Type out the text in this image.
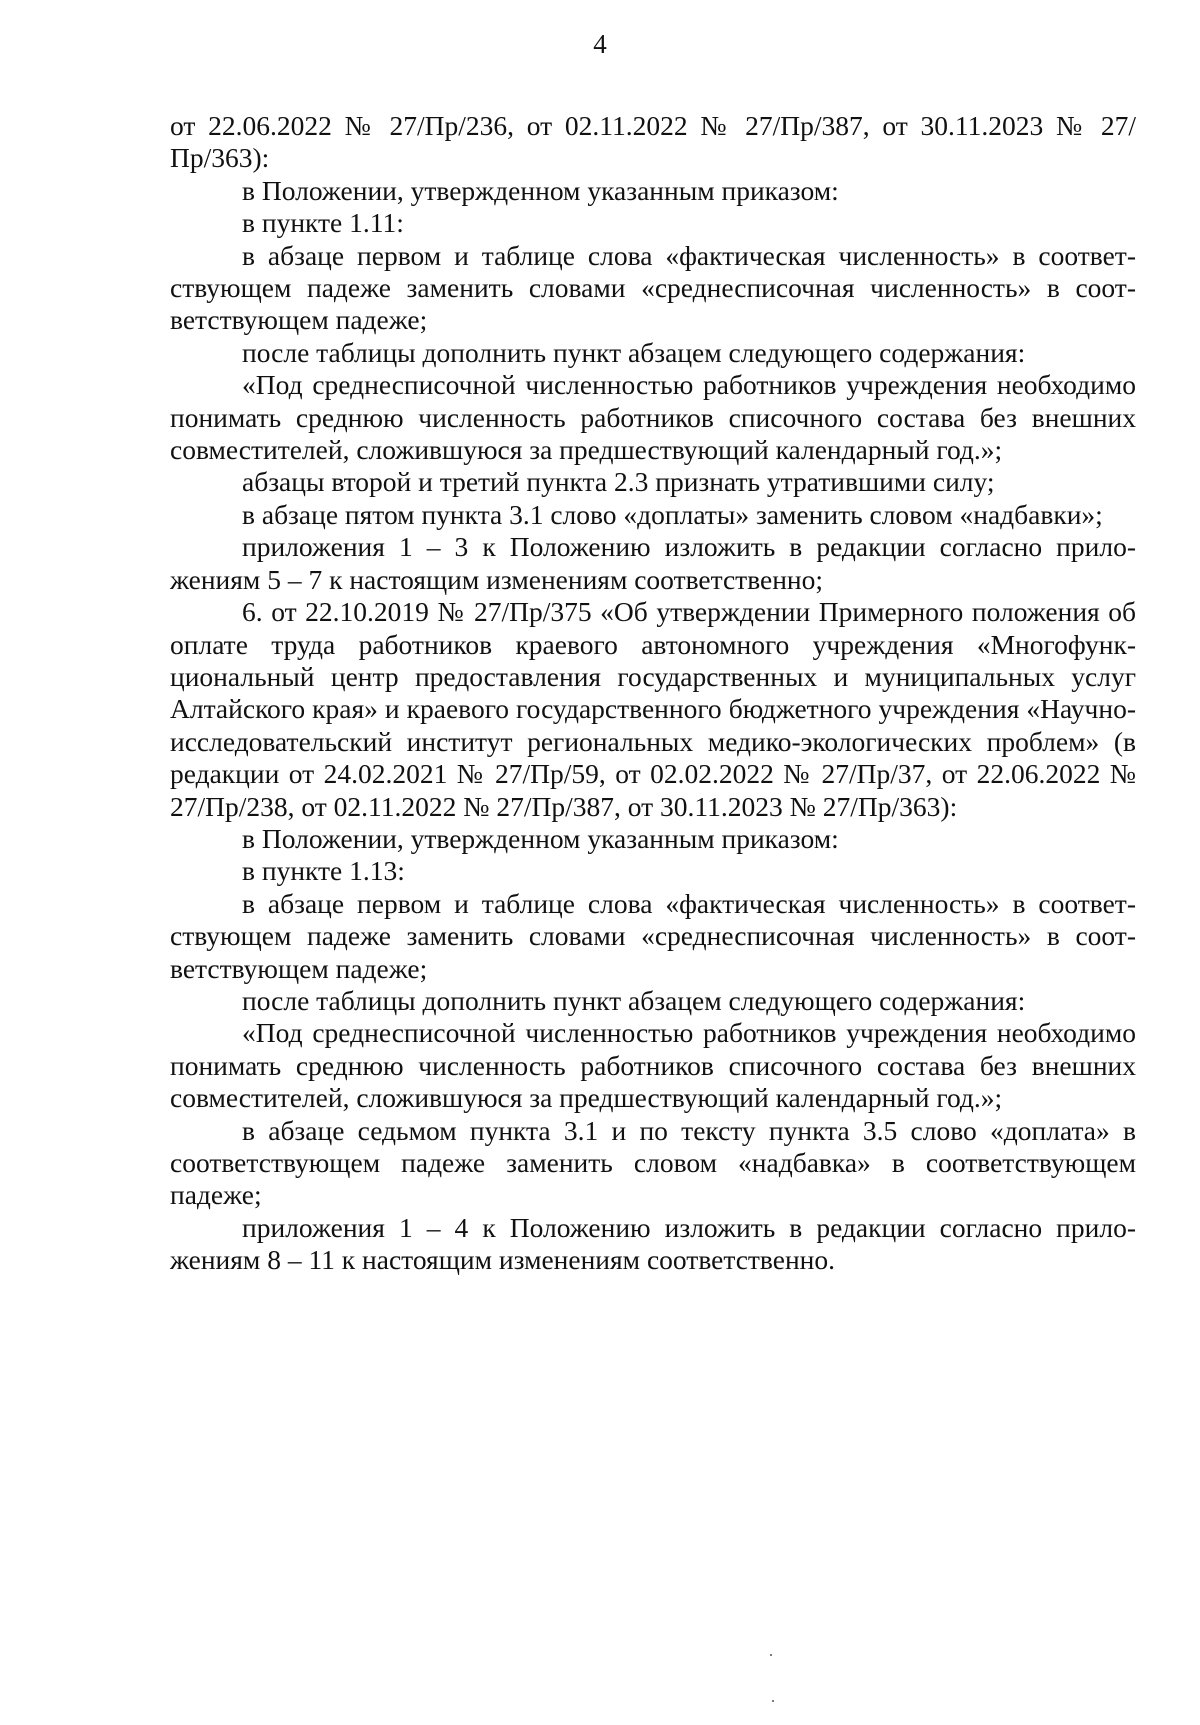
4

от 22.06.2022 № 27/Пр/236, от 02.11.2022 № 27/Пр/387, от 30.11.2023 № 27/Пр/363):

в Положении, утвержденном указанным приказом:

в пункте 1.11:

в абзаце первом и таблице слова «фактическая численность» в соответствующем падеже заменить словами «среднесписочная численность» в соответствующем падеже;

после таблицы дополнить пункт абзацем следующего содержания:

«Под среднесписочной численностью работников учреждения необходимо понимать среднюю численность работников списочного состава без внешних совместителей, сложившуюся за предшествующий календарный год.»;

абзацы второй и третий пункта 2.3 признать утратившими силу;

в абзаце пятом пункта 3.1 слово «доплаты» заменить словом «надбавки»;

приложения 1 – 3 к Положению изложить в редакции согласно приложениям 5 – 7 к настоящим изменениям соответственно;

6. от 22.10.2019 № 27/Пр/375 «Об утверждении Примерного положения об оплате труда работников краевого автономного учреждения «Многофункциональный центр предоставления государственных и муниципальных услуг Алтайского края» и краевого государственного бюджетного учреждения «Научно-исследовательский институт региональных медико-экологических проблем» (в редакции от 24.02.2021 № 27/Пр/59, от 02.02.2022 № 27/Пр/37, от 22.06.2022 № 27/Пр/238, от 02.11.2022 № 27/Пр/387, от 30.11.2023 № 27/Пр/363):

в Положении, утвержденном указанным приказом:

в пункте 1.13:

в абзаце первом и таблице слова «фактическая численность» в соответствующем падеже заменить словами «среднесписочная численность» в соответствующем падеже;

после таблицы дополнить пункт абзацем следующего содержания:

«Под среднесписочной численностью работников учреждения необходимо понимать среднюю численность работников списочного состава без внешних совместителей, сложившуюся за предшествующий календарный год.»;

в абзаце седьмом пункта 3.1 и по тексту пункта 3.5 слово «доплата» в соответствующем падеже заменить словом «надбавка» в соответствующем падеже;

приложения 1 – 4 к Положению изложить в редакции согласно приложениям 8 – 11 к настоящим изменениям соответственно.
